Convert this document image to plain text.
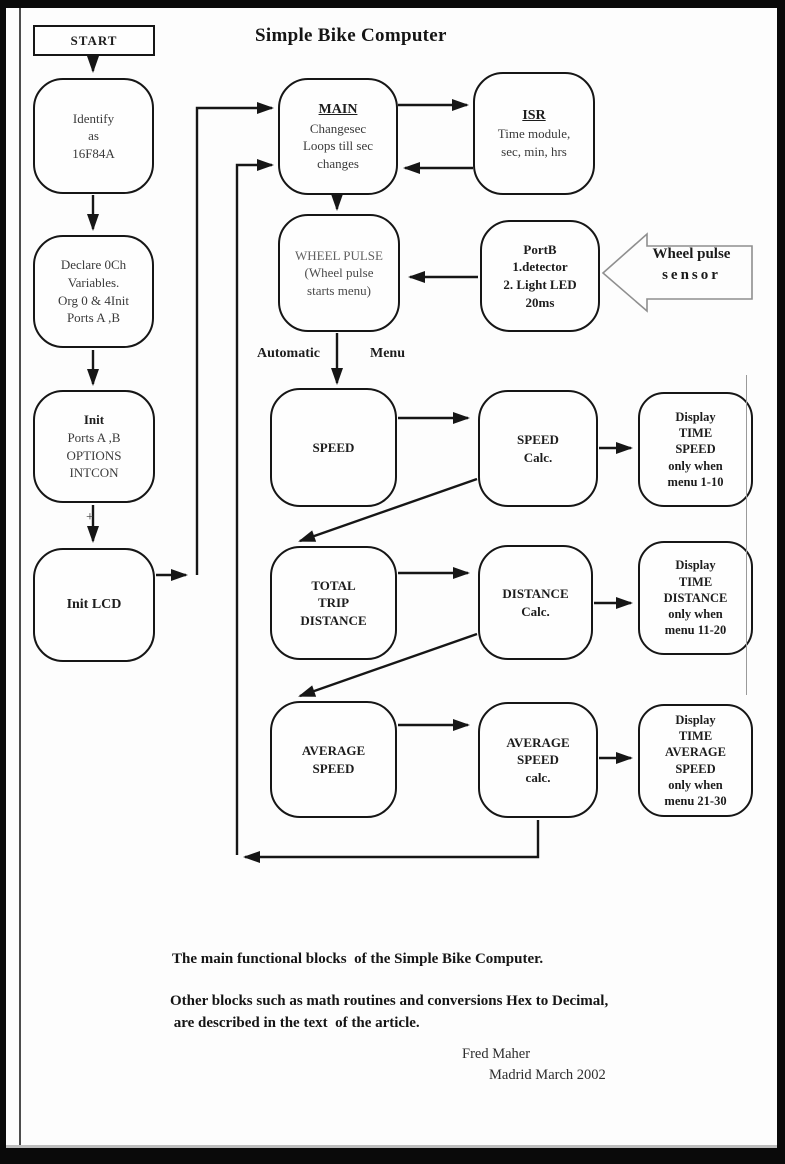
Simple Bike Computer
START
Identify
as
16F84A
Declare 0Ch
Variables.
Org 0 & 4Init
Ports A ,B
Init
Ports A ,B
OPTIONS
INTCON
Init LCD
+
MAIN
Changesec
Loops till sec
changes
ISR
Time module,
sec, min, hrs
WHEEL PULSE
(Wheel pulse
starts menu)
PortB
1.detector
2. Light LED
20ms
Wheel pulse sensor
Automatic	Menu
SPEED
SPEED
Calc.
Display
TIME
SPEED
only when
menu 1-10
TOTAL
TRIP
DISTANCE
DISTANCE
Calc.
Display
TIME
DISTANCE
only when
menu 11-20
AVERAGE
SPEED
AVERAGE
SPEED
calc.
Display
TIME
AVERAGE
SPEED
only when
menu 21-30
The main functional blocks  of the Simple Bike Computer.
Other blocks such as math routines and conversions Hex to Decimal,
are described in the text  of the article.
Fred Maher
Madrid March 2002
